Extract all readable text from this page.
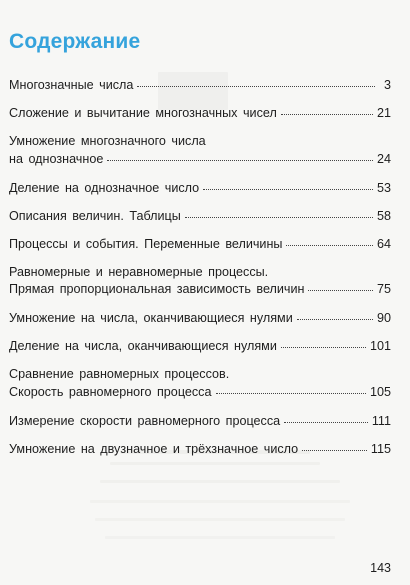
Содержание
Многозначные числа	3
Сложение и вычитание многозначных чисел	21
Умножение многозначного числа
на однозначное	24
Деление на однозначное число	53
Описания величин. Таблицы	58
Процессы и события. Переменные величины	64
Равномерные и неравномерные процессы.
Прямая пропорциональная зависимость величин	75
Умножение на числа, оканчивающиеся нулями	90
Деление на числа, оканчивающиеся нулями	101
Сравнение равномерных процессов.
Скорость равномерного процесса	105
Измерение скорости равномерного процесса	111
Умножение на двузначное и трёхзначное число	115
143
